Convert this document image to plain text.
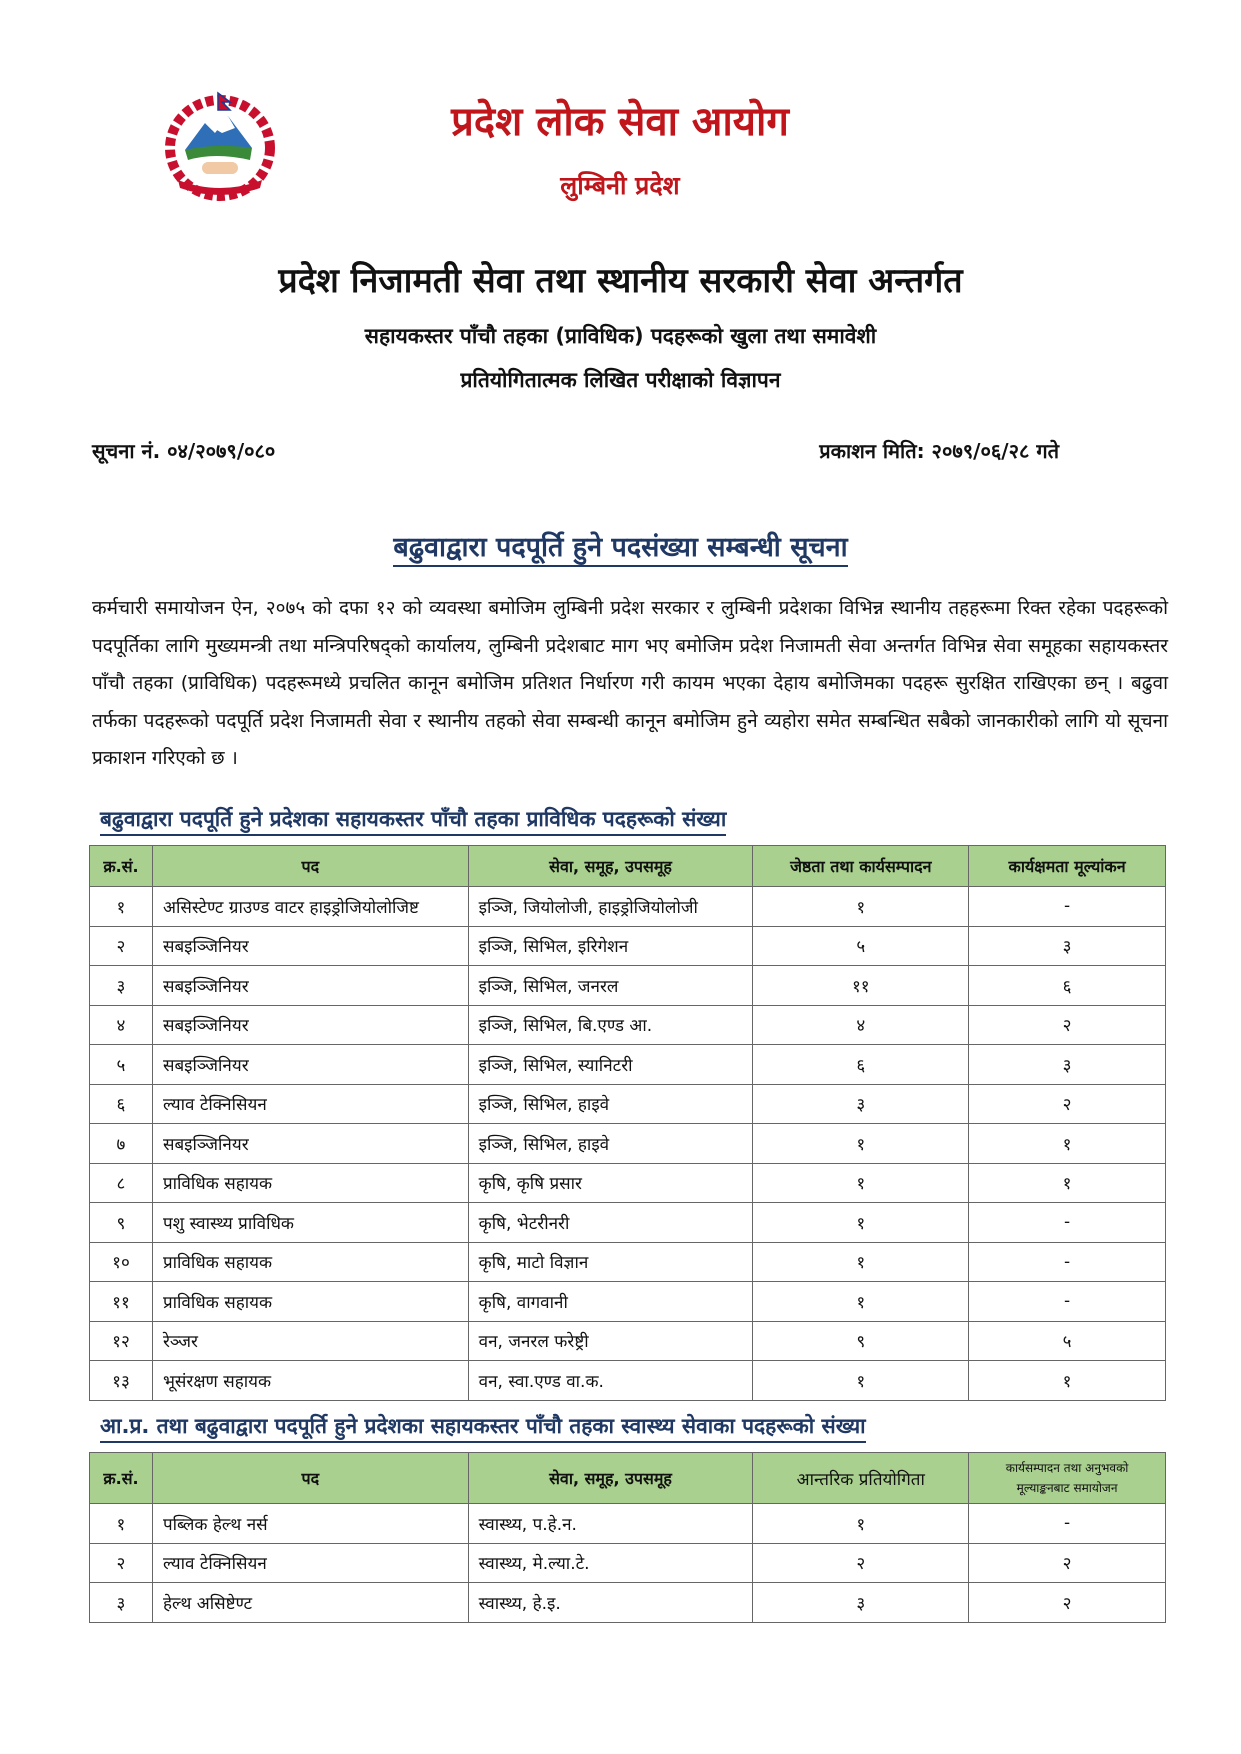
प्रदेश लोक सेवा आयोग
लुम्बिनी प्रदेश
प्रदेश निजामती सेवा तथा स्थानीय सरकारी सेवा अन्तर्गत
सहायकस्तर पाँचौ तहका (प्राविधिक) पदहरूको खुला तथा समावेशी
प्रतियोगितात्मक लिखित परीक्षाको विज्ञापन
सूचना नं. ०४/२०७९/०८०	प्रकाशन मिति: २०७९/०६/२८ गते
बढुवाद्वारा पदपूर्ति हुने पदसंख्या सम्बन्धी सूचना
कर्मचारी समायोजन ऐन, २०७५ को दफा १२ को व्यवस्था बमोजिम लुम्बिनी प्रदेश सरकार र लुम्बिनी प्रदेशका विभिन्न स्थानीय तहहरूमा रिक्त रहेका पदहरूको पदपूर्तिका लागि मुख्यमन्त्री तथा मन्त्रिपरिषद्को कार्यालय, लुम्बिनी प्रदेशबाट माग भए बमोजिम प्रदेश निजामती सेवा अन्तर्गत विभिन्न सेवा समूहका सहायकस्तर पाँचौ तहका (प्राविधिक) पदहरूमध्ये प्रचलित कानून बमोजिम प्रतिशत निर्धारण गरी कायम भएका देहाय बमोजिमका पदहरू सुरक्षित राखिएका छन् । बढुवा तर्फका पदहरूको पदपूर्ति प्रदेश निजामती सेवा र स्थानीय तहको सेवा सम्बन्धी कानून बमोजिम हुने व्यहोरा समेत सम्बन्धित सबैको जानकारीको लागि यो सूचना प्रकाशन गरिएको छ ।
बढुवाद्वारा पदपूर्ति हुने प्रदेशका सहायकस्तर पाँचौ तहका प्राविधिक पदहरूको संख्या
क्र.सं.	पद	सेवा, समूह, उपसमूह	जेष्ठता तथा कार्यसम्पादन	कार्यक्षमता मूल्यांकन
१	असिस्टेण्ट ग्राउण्ड वाटर हाइड्रोजियोलोजिष्ट	इञ्जि, जियोलोजी, हाइड्रोजियोलोजी	१	-
२	सबइञ्जिनियर	इञ्जि, सिभिल, इरिगेशन	५	३
३	सबइञ्जिनियर	इञ्जि, सिभिल, जनरल	११	६
४	सबइञ्जिनियर	इञ्जि, सिभिल, बि.एण्ड आ.	४	२
५	सबइञ्जिनियर	इञ्जि, सिभिल, स्यानिटरी	६	३
६	ल्याव टेक्निसियन	इञ्जि, सिभिल, हाइवे	३	२
७	सबइञ्जिनियर	इञ्जि, सिभिल, हाइवे	१	१
८	प्राविधिक सहायक	कृषि, कृषि प्रसार	१	१
९	पशु स्वास्थ्य प्राविधिक	कृषि, भेटरीनरी	१	-
१०	प्राविधिक सहायक	कृषि, माटो विज्ञान	१	-
११	प्राविधिक सहायक	कृषि, वागवानी	१	-
१२	रेञ्जर	वन, जनरल फरेष्ट्री	९	५
१३	भूसंरक्षण सहायक	वन, स्वा.एण्ड वा.क.	१	१
आ.प्र. तथा बढुवाद्वारा पदपूर्ति हुने प्रदेशका सहायकस्तर पाँचौ तहका स्वास्थ्य सेवाका पदहरूको संख्या
क्र.सं.	पद	सेवा, समूह, उपसमूह	आन्तरिक प्रतियोगिता	कार्यसम्पादन तथा अनुभवको
मूल्याङ्कनबाट समायोजन

१	पब्लिक हेल्थ नर्स	स्वास्थ्य, प.हे.न.	१	-
२	ल्याव टेक्निसियन	स्वास्थ्य, मे.ल्या.टे.	२	२
३	हेल्थ असिष्टेण्ट	स्वास्थ्य, हे.इ.	३	२
